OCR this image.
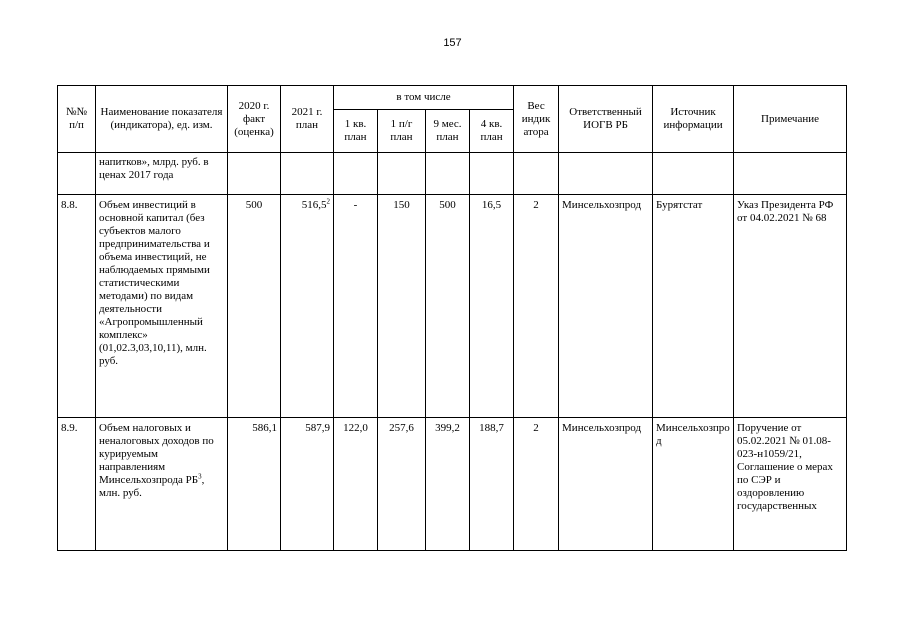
157
№№ п/п	Наименование показателя (индикатора), ед. изм.	2020 г. факт (оценка)	2021 г. план	в том числе				Вес индик атора	Ответственный ИОГВ РБ	Источник информации	Примечание
				1 кв. план	1 п/г план	9 мес. план	4 кв. план				
	напитков», млрд. руб. в ценах 2017 года										
8.8.	Объем инвестиций в основной капитал (без субъектов малого предпринимательства и объема инвестиций, не наблюдаемых прямыми статистическими методами) по видам деятельности «Агропромышленный комплекс» (01,02.3,03,10,11), млн. руб.	500	516,5$^2$	-	150	500	16,5	2	Минсельхозпрод	Бурятстат	Указ Президента РФ от 04.02.2021 № 68
8.9.	Объем налоговых и неналоговых доходов по курируемым направлениям Минсельхозпрода $РБ^3$, млн. руб.	586,1	587,9	122,0	257,6	399,2	188,7	2	Минсельхозпрод	Минсельхозпрод	Поручение от 05.02.2021 № 01.08-023-н1059/21, Соглашение о мерах по СЭР и оздоровлению государственных
